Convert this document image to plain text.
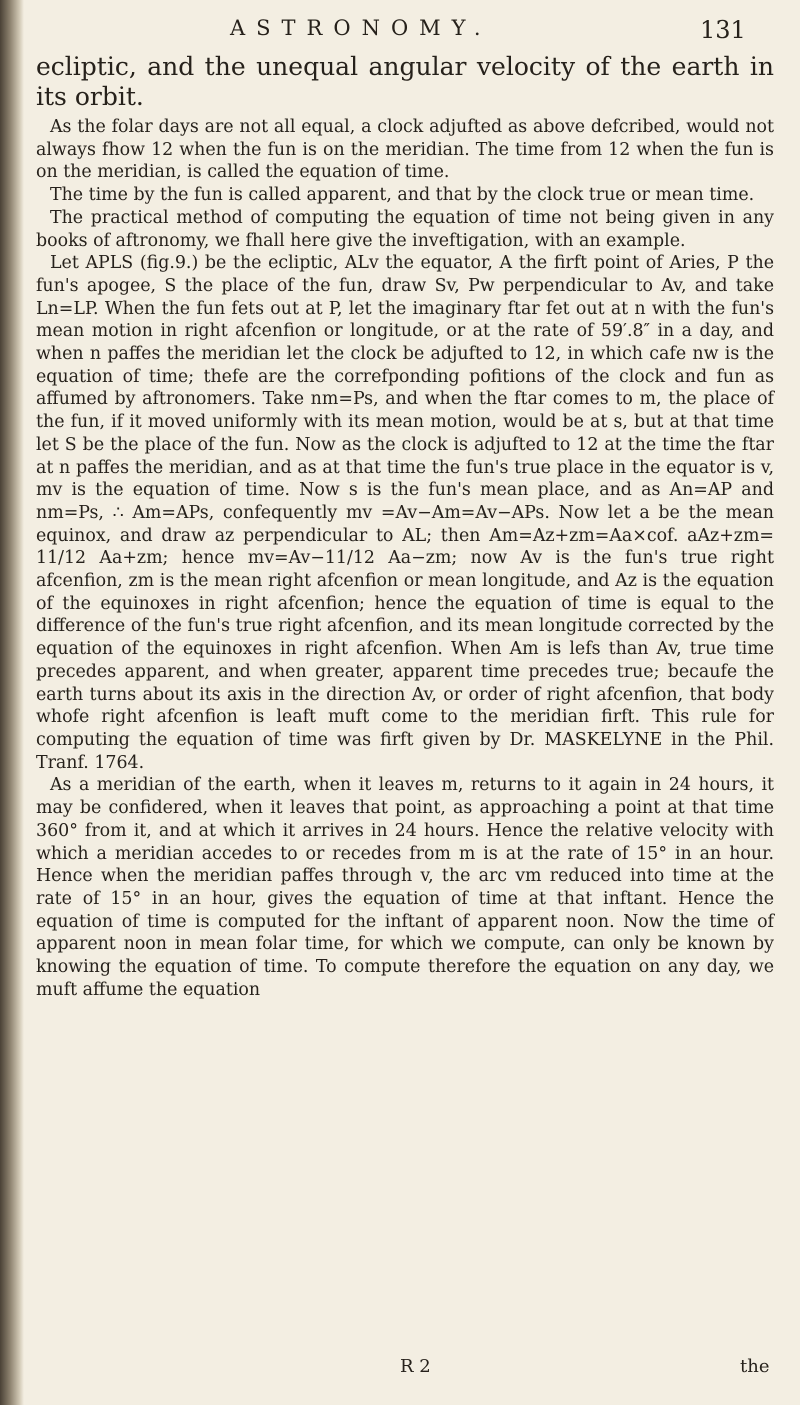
ASTRONOMY.	131

ecliptic, and the unequal angular velocity of the earth in its orbit.

As the folar days are not all equal, a clock adjufted as above defcribed, would not always fhow 12 when the fun is on the meridian. The time from 12 when the fun is on the meridian, is called the equation of time.

The time by the fun is called apparent, and that by the clock true or mean time.

The practical method of computing the equation of time not being given in any books of aftronomy, we fhall here give the inveftigation, with an example.

Let APLS (fig.9.) be the ecliptic, ALv the equator, A the firft point of Aries, P the fun's apogee, S the place of the fun, draw Sv, Pw perpendicular to Av, and take Ln=LP. When the fun fets out at P, let the imaginary ftar fet out at n with the fun's mean motion in right afcenfion or longitude, or at the rate of 59′.8″ in a day, and when n paffes the meridian let the clock be adjufted to 12, in which cafe nw is the equation of time; thefe are the correfponding pofitions of the clock and fun as affumed by aftronomers. Take nm=Ps, and when the ftar comes to m, the place of the fun, if it moved uniformly with its mean motion, would be at s, but at that time let S be the place of the fun. Now as the clock is adjufted to 12 at the time the ftar at n paffes the meridian, and as at that time the fun's true place in the equator is v, mv is the equation of time. Now s is the fun's mean place, and as An=AP and nm=Ps, ∴ Am=APs, confequently mv =Av−Am=Av−APs. Now let a be the mean equinox, and draw az perpendicular to AL; then Am=Az+zm=Aa×cof. aAz+zm= 11/12 Aa+zm; hence mv=Av−11/12 Aa−zm; now Av is the fun's true right afcenfion, zm is the mean right afcenfion or mean longitude, and Az is the equation of the equinoxes in right afcenfion; hence the equation of time is equal to the difference of the fun's true right afcenfion, and its mean longitude corrected by the equation of the equinoxes in right afcenfion. When Am is lefs than Av, true time precedes apparent, and when greater, apparent time precedes true; becaufe the earth turns about its axis in the direction Av, or order of right afcenfion, that body whofe right afcenfion is leaft muft come to the meridian firft. This rule for computing the equation of time was firft given by Dr. MASKELYNE in the Phil. Tranf. 1764.

As a meridian of the earth, when it leaves m, returns to it again in 24 hours, it may be confidered, when it leaves that point, as approaching a point at that time 360° from it, and at which it arrives in 24 hours. Hence the relative velocity with which a meridian accedes to or recedes from m is at the rate of 15° in an hour. Hence when the meridian paffes through v, the arc vm reduced into time at the rate of 15° in an hour, gives the equation of time at that inftant. Hence the equation of time is computed for the inftant of apparent noon. Now the time of apparent noon in mean folar time, for which we compute, can only be known by knowing the equation of time. To compute therefore the equation on any day, we muft affume the equation

R 2	the
